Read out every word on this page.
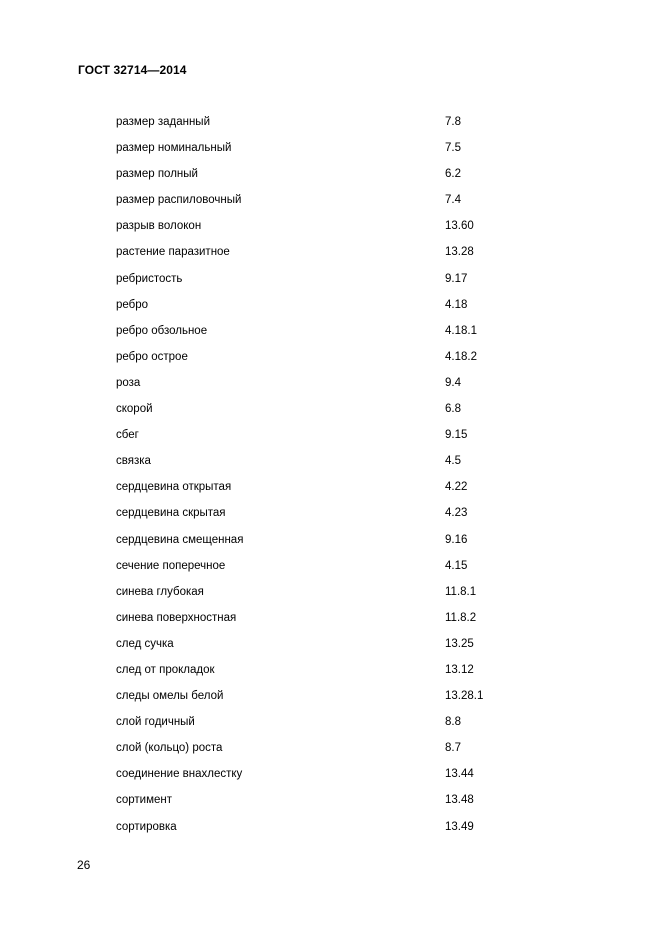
ГОСТ 32714—2014
размер заданный	7.8
размер номинальный	7.5
размер полный	6.2
размер распиловочный	7.4
разрыв волокон	13.60
растение паразитное	13.28
ребристость	9.17
ребро	4.18
ребро обзольное	4.18.1
ребро острое	4.18.2
роза	9.4
скорой	6.8
сбег	9.15
связка	4.5
сердцевина открытая	4.22
сердцевина скрытая	4.23
сердцевина смещенная	9.16
сечение поперечное	4.15
синева глубокая	11.8.1
синева поверхностная	11.8.2
след сучка	13.25
след от прокладок	13.12
следы омелы белой	13.28.1
слой годичный	8.8
слой (кольцо) роста	8.7
соединение внахлестку	13.44
сортимент	13.48
сортировка	13.49
26
